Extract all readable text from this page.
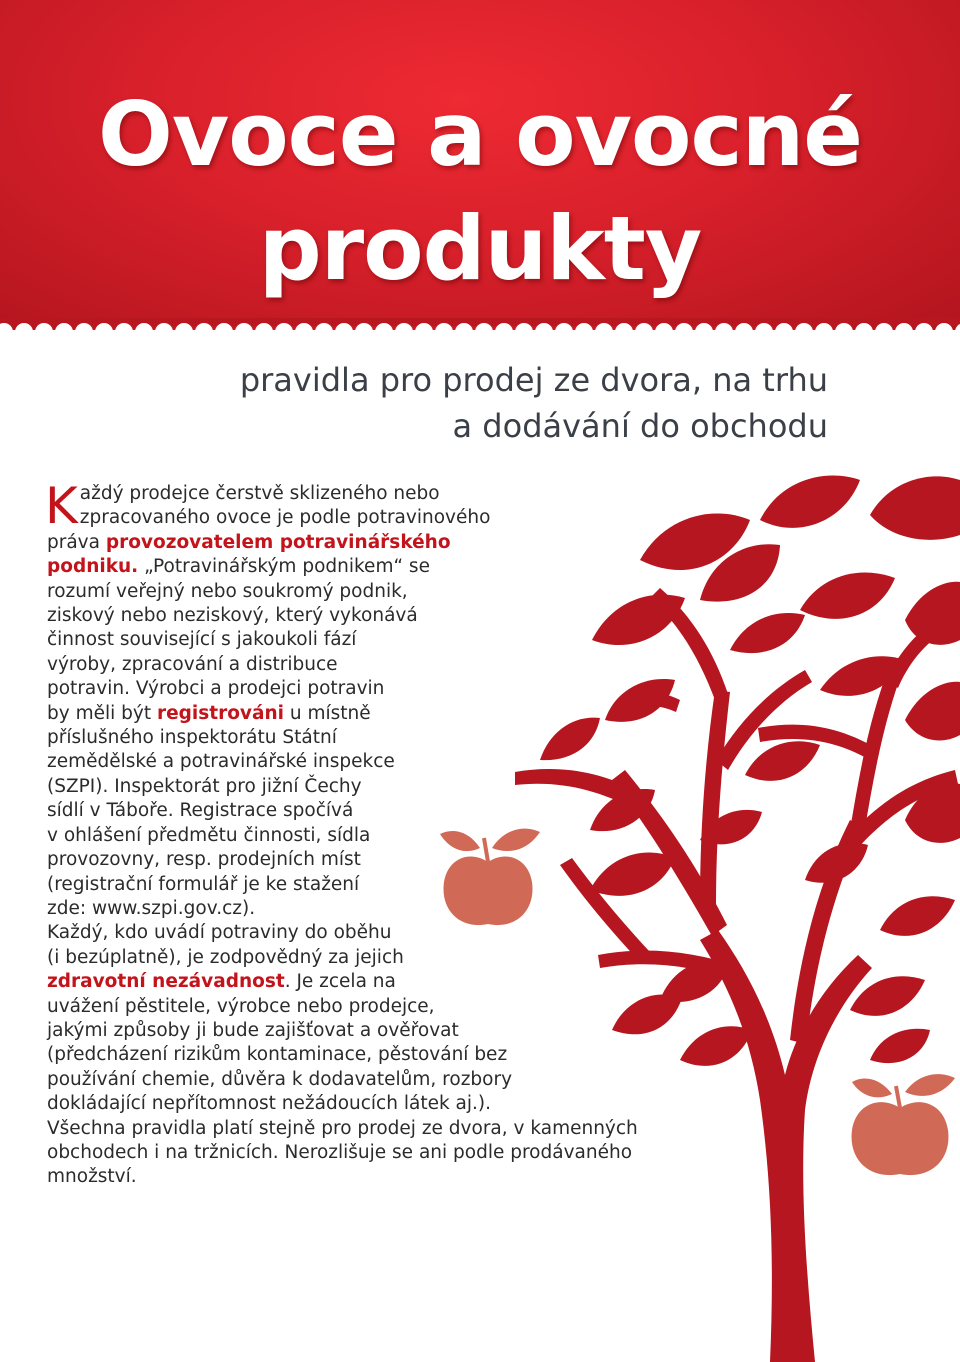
Ovoce a ovocné
produkty
pravidla pro prodej ze dvora, na trhu
a dodávání do obchodu

K aždý prodejce čerstvě sklizeného nebo
zpracovaného ovoce je podle potravinového
práva provozovatelem potravinářského
podniku. „Potravinářským podnikem“ se
rozumí veřejný nebo soukromý podnik,
ziskový nebo neziskový, který vykonává
činnost související s jakoukoli fází
výroby, zpracování a distribuce
potravin. Výrobci a prodejci potravin
by měli být registrováni u místně
příslušného inspektorátu Státní
zemědělské a potravinářské inspekce
(SZPI). Inspektorát pro jižní Čechy
sídlí v Táboře. Registrace spočívá
v ohlášení předmětu činnosti, sídla
provozovny, resp. prodejních míst
(registrační formulář je ke stažení
zde: www.szpi.gov.cz).
Každý, kdo uvádí potraviny do oběhu
(i bezúplatně), je zodpovědný za jejich
zdravotní nezávadnost. Je zcela na
uvážení pěstitele, výrobce nebo prodejce,
jakými způsoby ji bude zajišťovat a ověřovat
(předcházení rizikům kontaminace, pěstování bez
používání chemie, důvěra k dodavatelům, rozbory
dokládající nepřítomnost nežádoucích látek aj.).
Všechna pravidla platí stejně pro prodej ze dvora, v kamenných
obchodech i na tržnicích. Nerozlišuje se ani podle prodávaného
množství.
